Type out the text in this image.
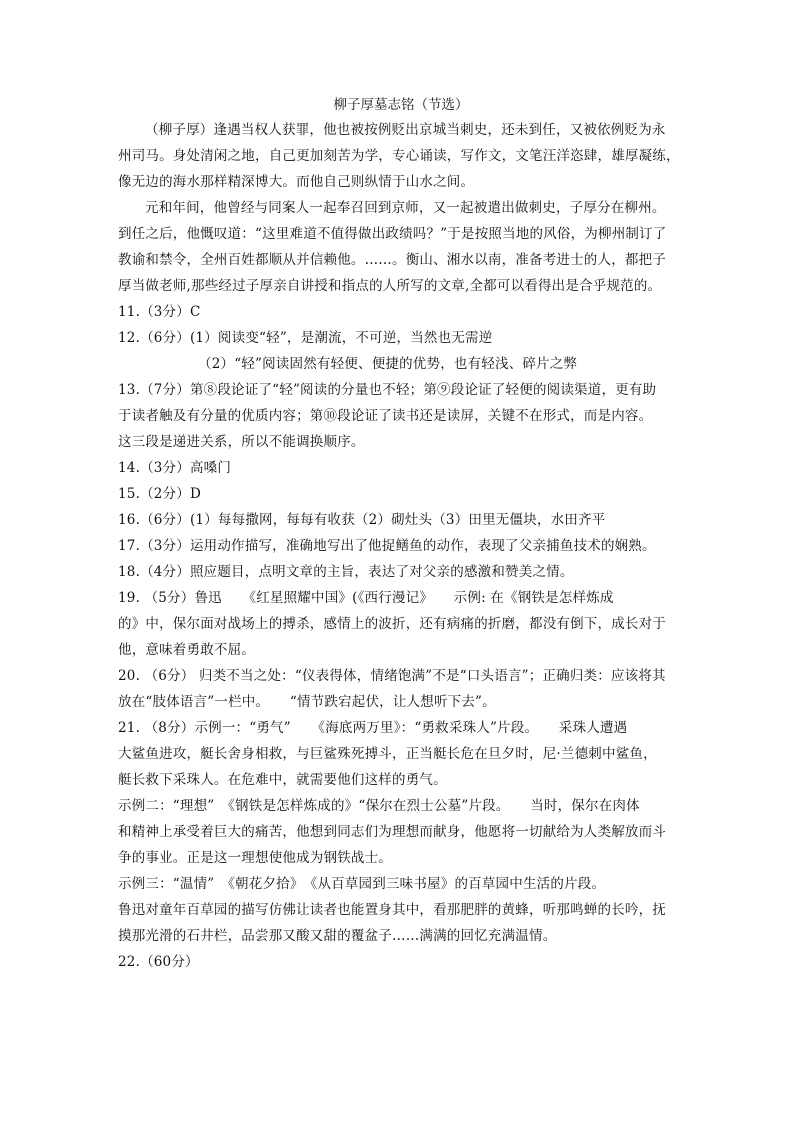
柳子厚墓志铭（节选）
（柳子厚）逢遇当权人获罪，他也被按例贬出京城当刺史，还未到任，又被依例贬为永
州司马。身处清闲之地，自己更加刻苦为学，专心诵读，写作文，文笔汪洋恣肆，雄厚凝练，
像无边的海水那样精深博大。而他自己则纵情于山水之间。
元和年间，他曾经与同案人一起奉召回到京师，又一起被遣出做刺史，子厚分在柳州。
到任之后，他慨叹道：“这里难道不值得做出政绩吗？”于是按照当地的风俗，为柳州制订了
教谕和禁令，全州百姓都顺从并信赖他。……。衡山、湘水以南，准备考进士的人，都把子
厚当做老师,那些经过子厚亲自讲授和指点的人所写的文章,全都可以看得出是合乎规范的。
11.（3分）C
12.（6分）(1）阅读变“轻”，是潮流，不可逆，当然也无需逆
（2）“轻”阅读固然有轻便、便捷的优势，也有轻浅、碎片之弊
13.（7分）第⑧段论证了“轻”阅读的分量也不轻；第⑨段论证了轻便的阅读渠道，更有助
于读者触及有分量的优质内容；第⑩段论证了读书还是读屏，关键不在形式，而是内容。
这三段是递进关系，所以不能调换顺序。
14.（3分）高嗓门
15.（2分）D
16.（6分）(1）每每撒网，每每有收获（2）砌灶头（3）田里无僵块，水田齐平
17.（3分）运用动作描写，准确地写出了他捉鳝鱼的动作，表现了父亲捕鱼技术的娴熟。
18.（4分）照应题目，点明文章的主旨，表达了对父亲的感激和赞美之情。
19. （5分）鲁迅　　《红星照耀中国》(《西行漫记》　　示例: 在《钢铁是怎样炼成
的》中，保尔面对战场上的搏杀，感情上的波折，还有病痛的折磨，都没有倒下，成长对于
他，意味着勇敢不屈。
20. （6分） 归类不当之处：“仪表得体，情绪饱满”不是“口头语言”；正确归类：应该将其
放在“肢体语言”一栏中。　　“情节跌宕起伏，让人想听下去”。
21. （8分）示例一：“勇气”　　《海底两万里》：“勇救采珠人”片段。　　采珠人遭遇
大鲨鱼进攻，艇长舍身相救，与巨鲨殊死搏斗，正当艇长危在旦夕时，尼·兰德刺中鲨鱼，
艇长救下采珠人。在危难中，就需要他们这样的勇气。
示例二：“理想”　《钢铁是怎样炼成的》“保尔在烈士公墓”片段。　　当时，保尔在肉体
和精神上承受着巨大的痛苦，他想到同志们为理想而献身，他愿将一切献给为人类解放而斗
争的事业。正是这一理想使他成为钢铁战士。
示例三：“温情”　《朝花夕拾》　《从百草园到三味书屋》的百草园中生活的片段。
鲁迅对童年百草园的描写仿佛让读者也能置身其中，看那肥胖的黄蜂，听那鸣蝉的长吟，抚
摸那光滑的石井栏，品尝那又酸又甜的覆盆子……满满的回忆充满温情。
22.（60分）
